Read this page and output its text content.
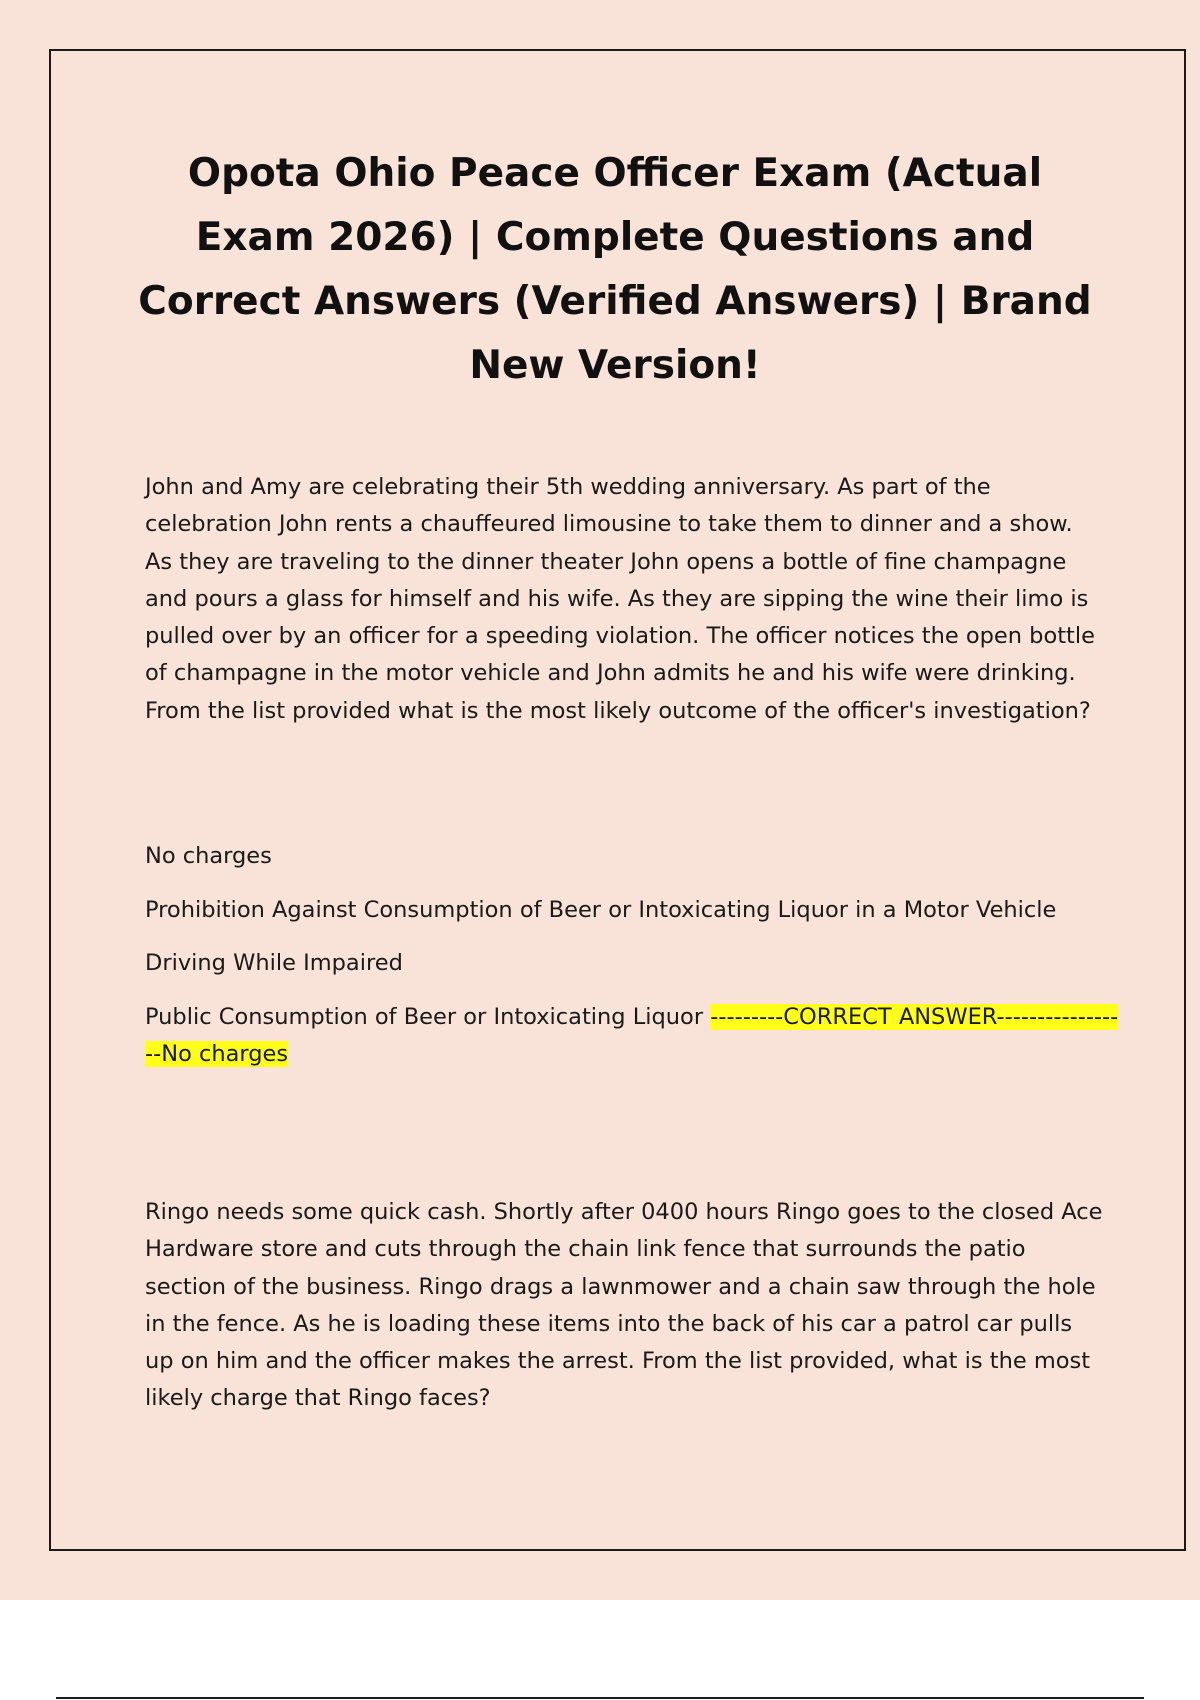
Opota Ohio Peace Officer Exam (Actual Exam 2026) | Complete Questions and Correct Answers (Verified Answers) | Brand New Version!
John and Amy are celebrating their 5th wedding anniversary. As part of the celebration John rents a chauffeured limousine to take them to dinner and a show. As they are traveling to the dinner theater John opens a bottle of fine champagne and pours a glass for himself and his wife. As they are sipping the wine their limo is pulled over by an officer for a speeding violation. The officer notices the open bottle of champagne in the motor vehicle and John admits he and his wife were drinking. From the list provided what is the most likely outcome of the officer's investigation?
No charges
Prohibition Against Consumption of Beer or Intoxicating Liquor in a Motor Vehicle
Driving While Impaired
Public Consumption of Beer or Intoxicating Liquor ---------CORRECT ANSWER-----------------No charges
Ringo needs some quick cash. Shortly after 0400 hours Ringo goes to the closed Ace Hardware store and cuts through the chain link fence that surrounds the patio section of the business. Ringo drags a lawnmower and a chain saw through the hole in the fence. As he is loading these items into the back of his car a patrol car pulls up on him and the officer makes the arrest. From the list provided, what is the most likely charge that Ringo faces?
